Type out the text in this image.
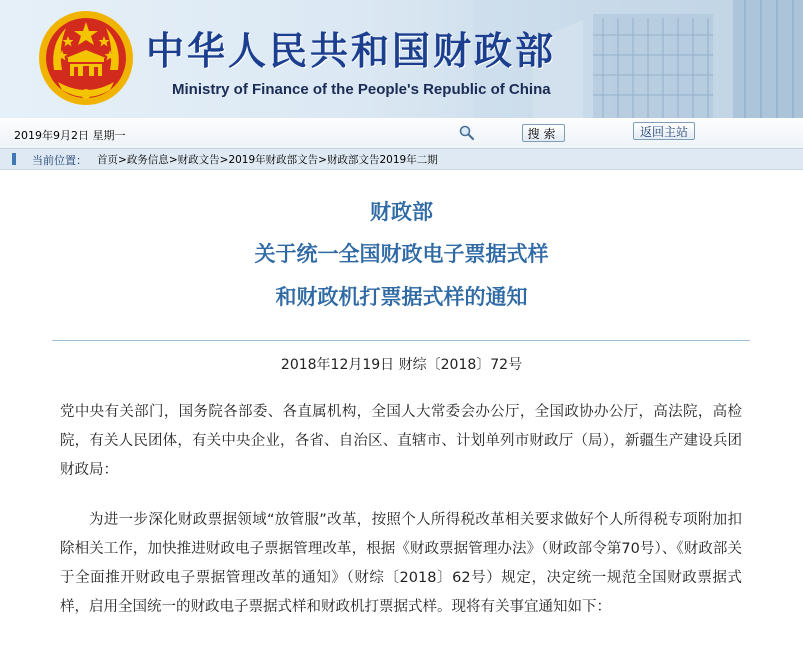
中华人民共和国财政部
Ministry of Finance of the People's Republic of China
2019年9月2日 星期一	搜索	返回主站
当前位置： 首页>政务信息>财政文告>2019年财政部文告>财政部文告2019年二期
财政部
关于统一全国财政电子票据式样
和财政机打票据式样的通知
2018年12月19日 财综〔2018〕72号

党中央有关部门，国务院各部委、各直属机构，全国人大常委会办公厅，全国政协办公厅，高法院，高检院，有关人民团体，有关中央企业，各省、自治区、直辖市、计划单列市财政厅（局），新疆生产建设兵团财政局：

为进一步深化财政票据领域“放管服”改革，按照个人所得税改革相关要求做好个人所得税专项附加扣除相关工作，加快推进财政电子票据管理改革，根据《财政票据管理办法》（财政部令第70号）、《财政部关于全面推开财政电子票据管理改革的通知》（财综〔2018〕62号）规定，决定统一规范全国财政票据式样，启用全国统一的财政电子票据式样和财政机打票据式样。现将有关事宜通知如下：
